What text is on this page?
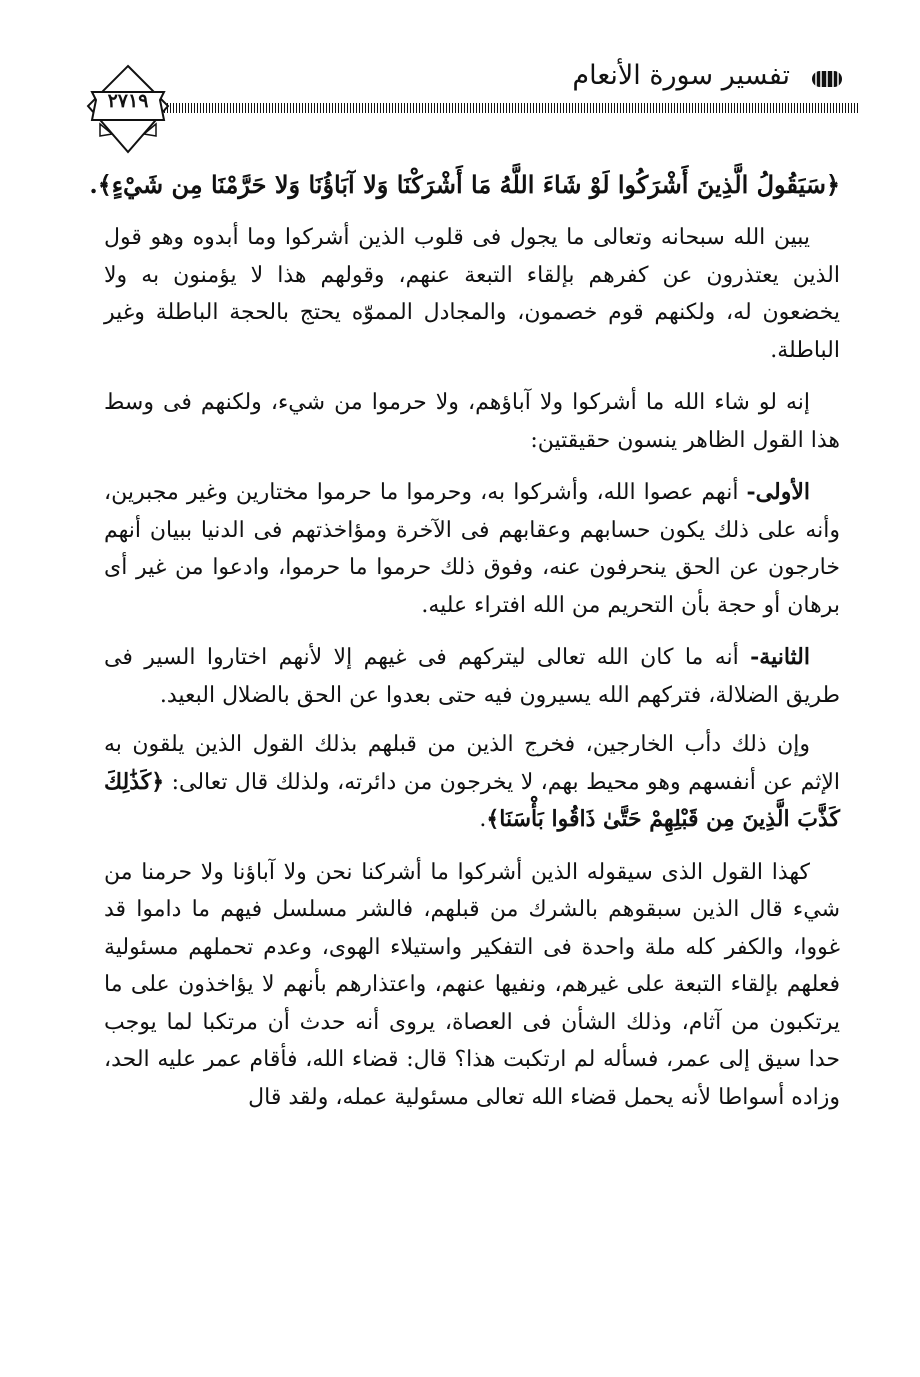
تفسير سورة الأنعام
٢٧١٩
﴿سَيَقُولُ الَّذِينَ أَشْرَكُوا لَوْ شَاءَ اللَّهُ مَا أَشْرَكْنَا وَلا آبَاؤُنَا وَلا حَرَّمْنَا مِن شَيْءٍ﴾.

يبين الله سبحانه وتعالى ما يجول فى قلوب الذين أشركوا وما أبدوه وهو قول الذين يعتذرون عن كفرهم بإلقاء التبعة عنهم، وقولهم هذا لا يؤمنون به ولا يخضعون له، ولكنهم قوم خصمون، والمجادل المموّه يحتج بالحجة الباطلة وغير الباطلة.

إنه لو شاء الله ما أشركوا ولا آباؤهم، ولا حرموا من شيء، ولكنهم فى وسط هذا القول الظاهر ينسون حقيقتين:

الأولى- أنهم عصوا الله، وأشركوا به، وحرموا ما حرموا مختارين وغير مجبرين، وأنه على ذلك يكون حسابهم وعقابهم فى الآخرة ومؤاخذتهم فى الدنيا ببيان أنهم خارجون عن الحق ينحرفون عنه، وفوق ذلك حرموا ما حرموا، وادعوا من غير أى برهان أو حجة بأن التحريم من الله افتراء عليه.

الثانية- أنه ما كان الله تعالى ليتركهم فى غيهم إلا لأنهم اختاروا السير فى طريق الضلالة، فتركهم الله يسيرون فيه حتى بعدوا عن الحق بالضلال البعيد.

وإن ذلك دأب الخارجين، فخرج الذين من قبلهم بذلك القول الذين يلقون به الإثم عن أنفسهم وهو محيط بهم، لا يخرجون من دائرته، ولذلك قال تعالى: ﴿كَذَٰلِكَ كَذَّبَ الَّذِينَ مِن قَبْلِهِمْ حَتَّىٰ ذَاقُوا بَأْسَنَا﴾.

كهذا القول الذى سيقوله الذين أشركوا ما أشركنا نحن ولا آباؤنا ولا حرمنا من شيء قال الذين سبقوهم بالشرك من قبلهم، فالشر مسلسل فيهم ما داموا قد غووا، والكفر كله ملة واحدة فى التفكير واستيلاء الهوى، وعدم تحملهم مسئولية فعلهم بإلقاء التبعة على غيرهم، ونفيها عنهم، واعتذارهم بأنهم لا يؤاخذون على ما يرتكبون من آثام، وذلك الشأن فى العصاة، يروى أنه حدث أن مرتكبا لما يوجب حدا سيق إلى عمر، فسأله لم ارتكبت هذا؟ قال: قضاء الله، فأقام عمر عليه الحد، وزاده أسواطا لأنه يحمل قضاء الله تعالى مسئولية عمله، ولقد قال
